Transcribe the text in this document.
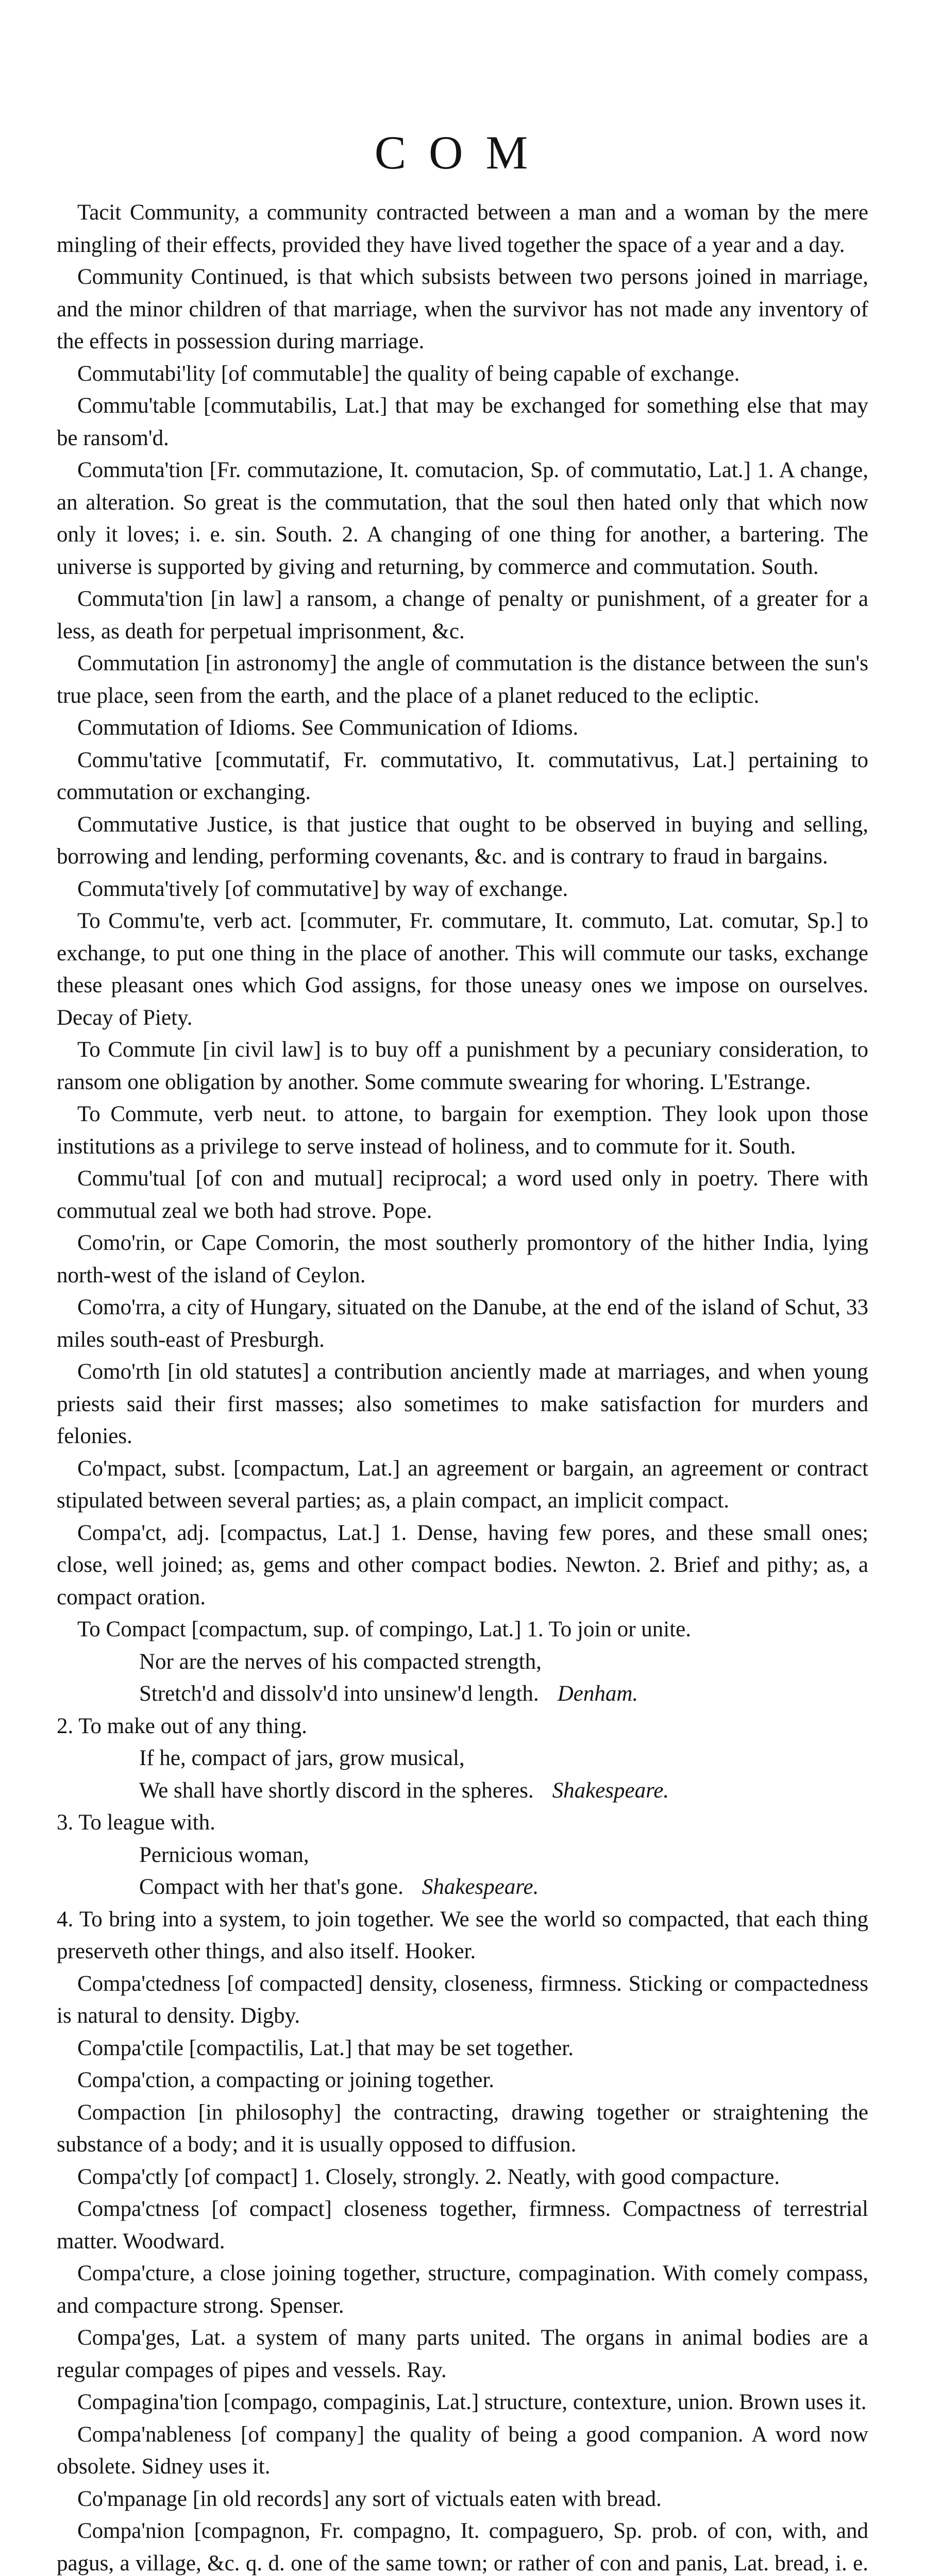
COM

Tacit Community, a community contracted between a man and a woman by the mere mingling of their effects, provided they have lived together the space of a year and a day.

Community Continued, is that which subsists between two persons joined in marriage, and the minor children of that marriage, when the survivor has not made any inventory of the effects in possession during marriage.

Commutabi'lity [of commutable] the quality of being capable of exchange.

Commu'table [commutabilis, Lat.] that may be exchanged for something else that may be ransom'd.

Commuta'tion [Fr. commutazione, It. comutacion, Sp. of commutatio, Lat.] 1. A change, an alteration. So great is the commutation, that the soul then hated only that which now only it loves; i. e. sin. South. 2. A changing of one thing for another, a bartering. The universe is supported by giving and returning, by commerce and commutation. South.

Commuta'tion [in law] a ransom, a change of penalty or punishment, of a greater for a less, as death for perpetual imprisonment, &c.

Commutation [in astronomy] the angle of commutation is the distance between the sun's true place, seen from the earth, and the place of a planet reduced to the ecliptic.

Commutation of Idioms. See Communication of Idioms.

Commu'tative [commutatif, Fr. commutativo, It. commutativus, Lat.] pertaining to commutation or exchanging.

Commutative Justice, is that justice that ought to be observed in buying and selling, borrowing and lending, performing covenants, &c. and is contrary to fraud in bargains.

Commuta'tively [of commutative] by way of exchange.

To Commu'te, verb act. [commuter, Fr. commutare, It. commuto, Lat. comutar, Sp.] to exchange, to put one thing in the place of another. This will commute our tasks, exchange these pleasant ones which God assigns, for those uneasy ones we impose on ourselves. Decay of Piety.

To Commute [in civil law] is to buy off a punishment by a pecuniary consideration, to ransom one obligation by another. Some commute swearing for whoring. L'Estrange.

To Commute, verb neut. to attone, to bargain for exemption. They look upon those institutions as a privilege to serve instead of holiness, and to commute for it. South.

Commu'tual [of con and mutual] reciprocal; a word used only in poetry. There with commutual zeal we both had strove. Pope.

Como'rin, or Cape Comorin, the most southerly promontory of the hither India, lying north-west of the island of Ceylon.

Como'rra, a city of Hungary, situated on the Danube, at the end of the island of Schut, 33 miles south-east of Presburgh.

Como'rth [in old statutes] a contribution anciently made at marriages, and when young priests said their first masses; also sometimes to make satisfaction for murders and felonies.

Co'mpact, subst. [compactum, Lat.] an agreement or bargain, an agreement or contract stipulated between several parties; as, a plain compact, an implicit compact.

Compa'ct, adj. [compactus, Lat.] 1. Dense, having few pores, and these small ones; close, well joined; as, gems and other compact bodies. Newton. 2. Brief and pithy; as, a compact oration.

To Compact [compactum, sup. of compingo, Lat.] 1. To join or unite.

Nor are the nerves of his compacted strength,

Stretch'd and dissolv'd into unsinew'd length. Denham.

2. To make out of any thing.

If he, compact of jars, grow musical,

We shall have shortly discord in the spheres. Shakespeare.

3. To league with.

Pernicious woman,

Compact with her that's gone. Shakespeare.

4. To bring into a system, to join together. We see the world so compacted, that each thing preserveth other things, and also itself. Hooker.

Compa'ctedness [of compacted] density, closeness, firmness. Sticking or compactedness is natural to density. Digby.

Compa'ctile [compactilis, Lat.] that may be set together.

Compa'ction, a compacting or joining together.

Compaction [in philosophy] the contracting, drawing together or straightening the substance of a body; and it is usually opposed to diffusion.

Compa'ctly [of compact] 1. Closely, strongly. 2. Neatly, with good compacture.

Compa'ctness [of compact] closeness together, firmness. Compactness of terrestrial matter. Woodward.

Compa'cture, a close joining together, structure, compagination. With comely compass, and compacture strong. Spenser.

Compa'ges, Lat. a system of many parts united. The organs in animal bodies are a regular compages of pipes and vessels. Ray.

Compagina'tion [compago, compaginis, Lat.] structure, contexture, union. Brown uses it.

Compa'nableness [of company] the quality of being a good companion. A word now obsolete. Sidney uses it.

Co'mpanage [in old records] any sort of victuals eaten with bread.

Compa'nion [compagnon, Fr. compagno, It. compaguero, Sp. prob. of con, with, and pagus, a village, &c. q. d. one of the same town; or rather of con and panis, Lat. bread, i. e.
